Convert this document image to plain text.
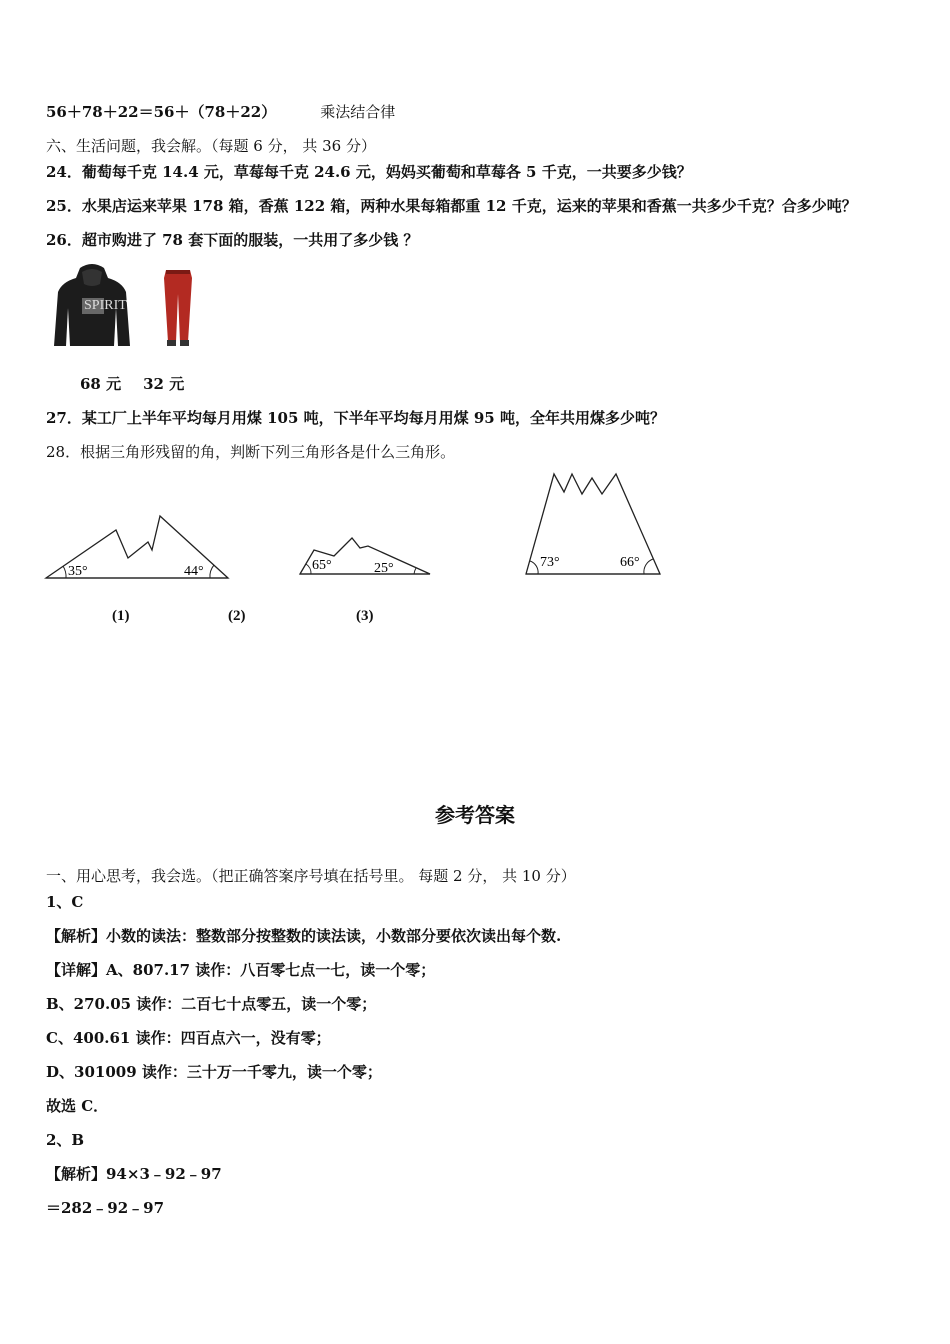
56＋78＋22＝56＋（78＋22）	乘法结合律
六、生活问题，我会解。（每题 6 分， 共 36 分）
24．葡萄每千克 14.4 元，草莓每千克 24.6 元，妈妈买葡萄和草莓各 5 千克，一共要多少钱？
25．水果店运来苹果 178 箱，香蕉 122 箱，两种水果每箱都重 12 千克，运来的苹果和香蕉一共多少千克？合多少吨？
26．超市购进了 78 套下面的服装，一共用了多少钱 ？
SPIRIT
68 元 32 元
27．某工厂上半年平均每月用煤 105 吨，下半年平均每月用煤 95 吨，全年共用煤多少吨？
28．根据三角形残留的角，判断下列三角形各是什么三角形。
35°	44°	65°	25°	73°	66°
(1)	(2)	(3)
参考答案
一、用心思考，我会选。（把正确答案序号填在括号里。 每题 2 分， 共 10 分）
1、C
【解析】小数的读法：整数部分按整数的读法读，小数部分要依次读出每个数.
【详解】A、807.17 读作：八百零七点一七，读一个零；
B、270.05 读作：二百七十点零五，读一个零；
C、400.61 读作：四百点六一，没有零；
D、301009 读作：三十万一千零九，读一个零；
故选 C．
2、B
【解析】94×3﹣92﹣97
＝282﹣92﹣97
